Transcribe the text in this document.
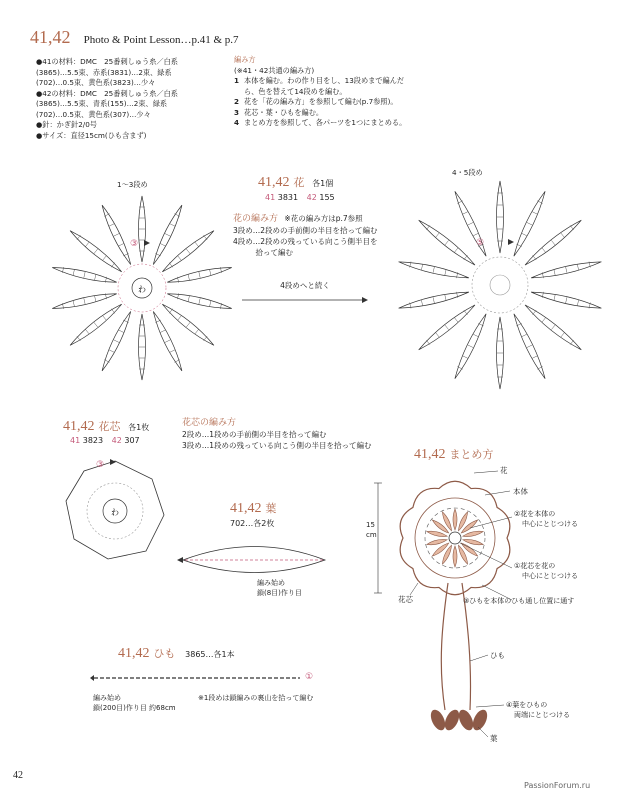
41,42 Photo & Point Lesson…p.41 & p.7
●41の材料：DMC　25番刺しゅう糸／白系
(3865)…5.5束、赤系(3831)…2束、緑系
(702)…0.5束、黄色系(3823)…少々
●42の材料：DMC　25番刺しゅう糸／白系
(3865)…5.5束、青系(155)…2束、緑系
(702)…0.5束、黄色系(307)…少々
●針：かぎ針2/0号
●サイズ：直径15cm(ひも含まず)
編み方
(※41・42共通の編み方)
1 本体を編む。わの作り目をし、13段めまで編んだ
ら、色を替えて14段めを編む。
2 花を「花の編み方」を参照して編む(p.7参照)。
3 花芯・葉・ひもを編む。
4 まとめ方を参照して、各パーツを1つにまとめる。
1〜3段め
4・5段め
41,42 花 各1個
41 3831 42 155
花の編み方 ※花の編み方はp.7参照
3段め…2段めの手前側の半目を拾って編む
4段め…2段めの残っている向こう側半目を
　　　拾って編む
4段めへと続く
わ
③	⑤
41,42 花芯 各1枚
41 3823 42 307
花芯の編み方
2段め…1段めの手前側の半目を拾って編む
3段め…1段めの残っている向こう側の半目を拾って編む
わ
③
41,42 葉
702…各2枚
編み始め
鎖(8目)作り目
41,42 ひも 3865…各1本
編み始め
鎖(200目)作り目 約68cm
※1段めは鎖編みの裏山を拾って編む
①
41,42 まとめ方
15
cm
花
本体
花芯
ひも
葉
②花を本体の
中心にとじつける
①花芯を花の
中心にとじつける
③ひもを本体のひも通し位置に通す
④葉をひもの
両端にとじつける
42
PassionForum.ru
